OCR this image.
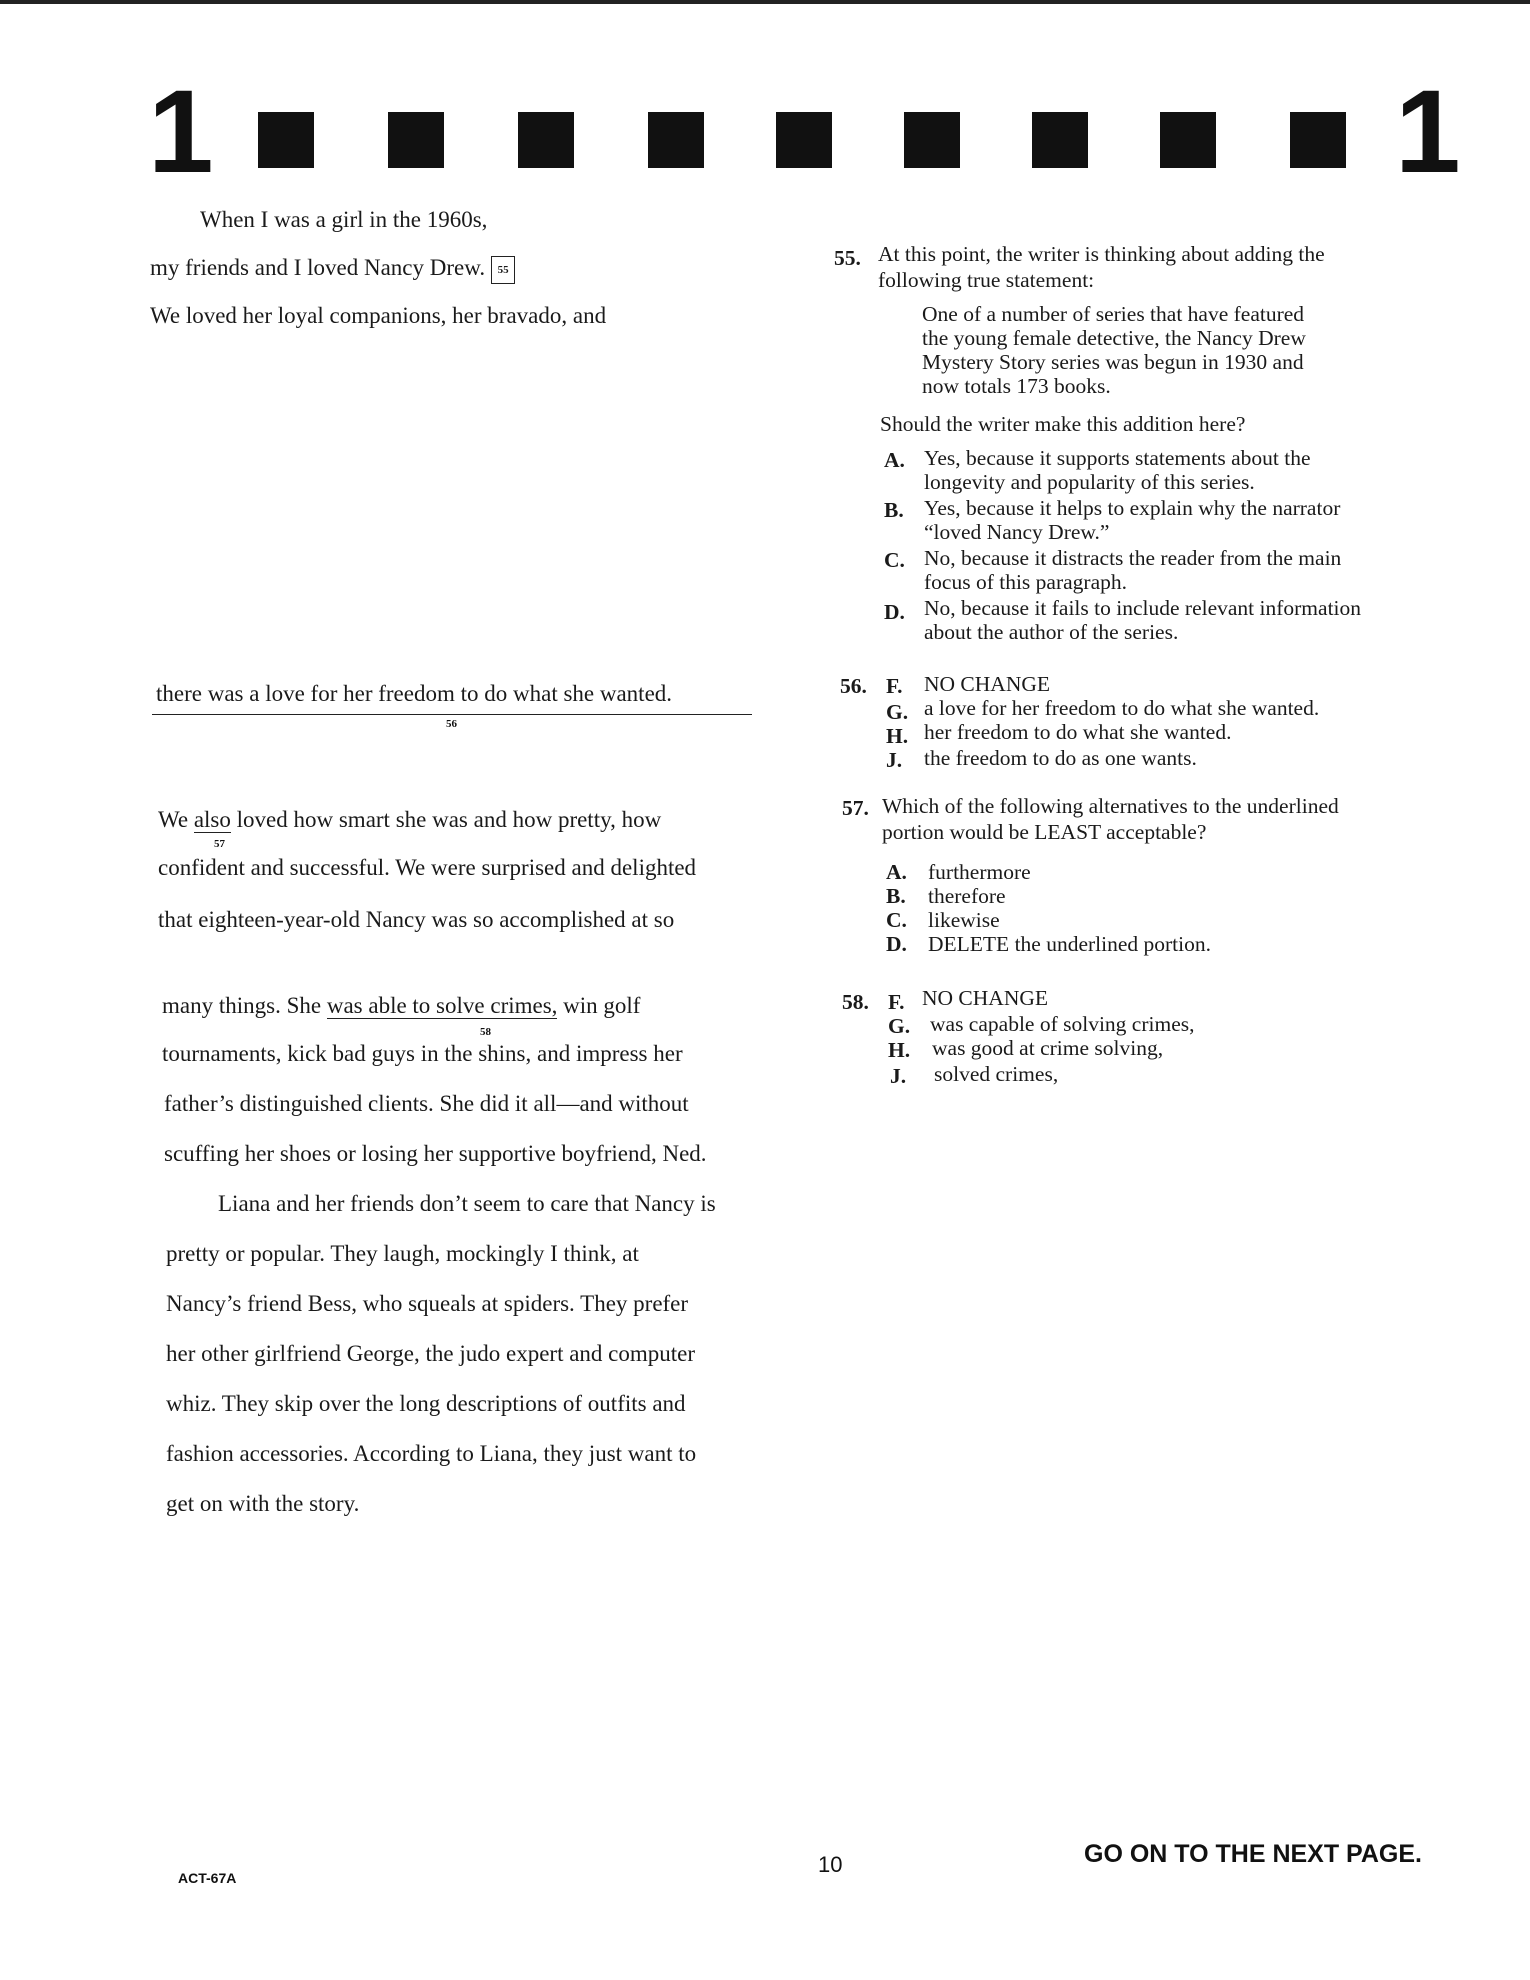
1	1
When I was a girl in the 1960s,
my friends and I loved Nancy Drew. 55
We loved her loyal companions, her bravado, and
there was a love for her freedom to do what she wanted.
56
We also loved how smart she was and how pretty, how
57
confident and successful. We were surprised and delighted
that eighteen-year-old Nancy was so accomplished at so
many things. She was able to solve crimes, win golf
58
tournaments, kick bad guys in the shins, and impress her
father’s distinguished clients. She did it all—and without
scuffing her shoes or losing her supportive boyfriend, Ned.
Liana and her friends don’t seem to care that Nancy is
pretty or popular. They laugh, mockingly I think, at
Nancy’s friend Bess, who squeals at spiders. They prefer
her other girlfriend George, the judo expert and computer
whiz. They skip over the long descriptions of outfits and
fashion accessories. According to Liana, they just want to
get on with the story.
55. At this point, the writer is thinking about adding the
following true statement:
One of a number of series that have featured
the young female detective, the Nancy Drew
Mystery Story series was begun in 1930 and
now totals 173 books.
Should the writer make this addition here?
A. Yes, because it supports statements about the
longevity and popularity of this series.
B. Yes, because it helps to explain why the narrator
“loved Nancy Drew.”
C. No, because it distracts the reader from the main
focus of this paragraph.
D. No, because it fails to include relevant information
about the author of the series.
56. F. NO CHANGE
G. a love for her freedom to do what she wanted.
H. her freedom to do what she wanted.
J. the freedom to do as one wants.
57. Which of the following alternatives to the underlined
portion would be LEAST acceptable?
A. furthermore
B. therefore
C. likewise
D. DELETE the underlined portion.
58. F. NO CHANGE
G. was capable of solving crimes,
H. was good at crime solving,
J. solved crimes,
ACT-67A
10	GO ON TO THE NEXT PAGE.
